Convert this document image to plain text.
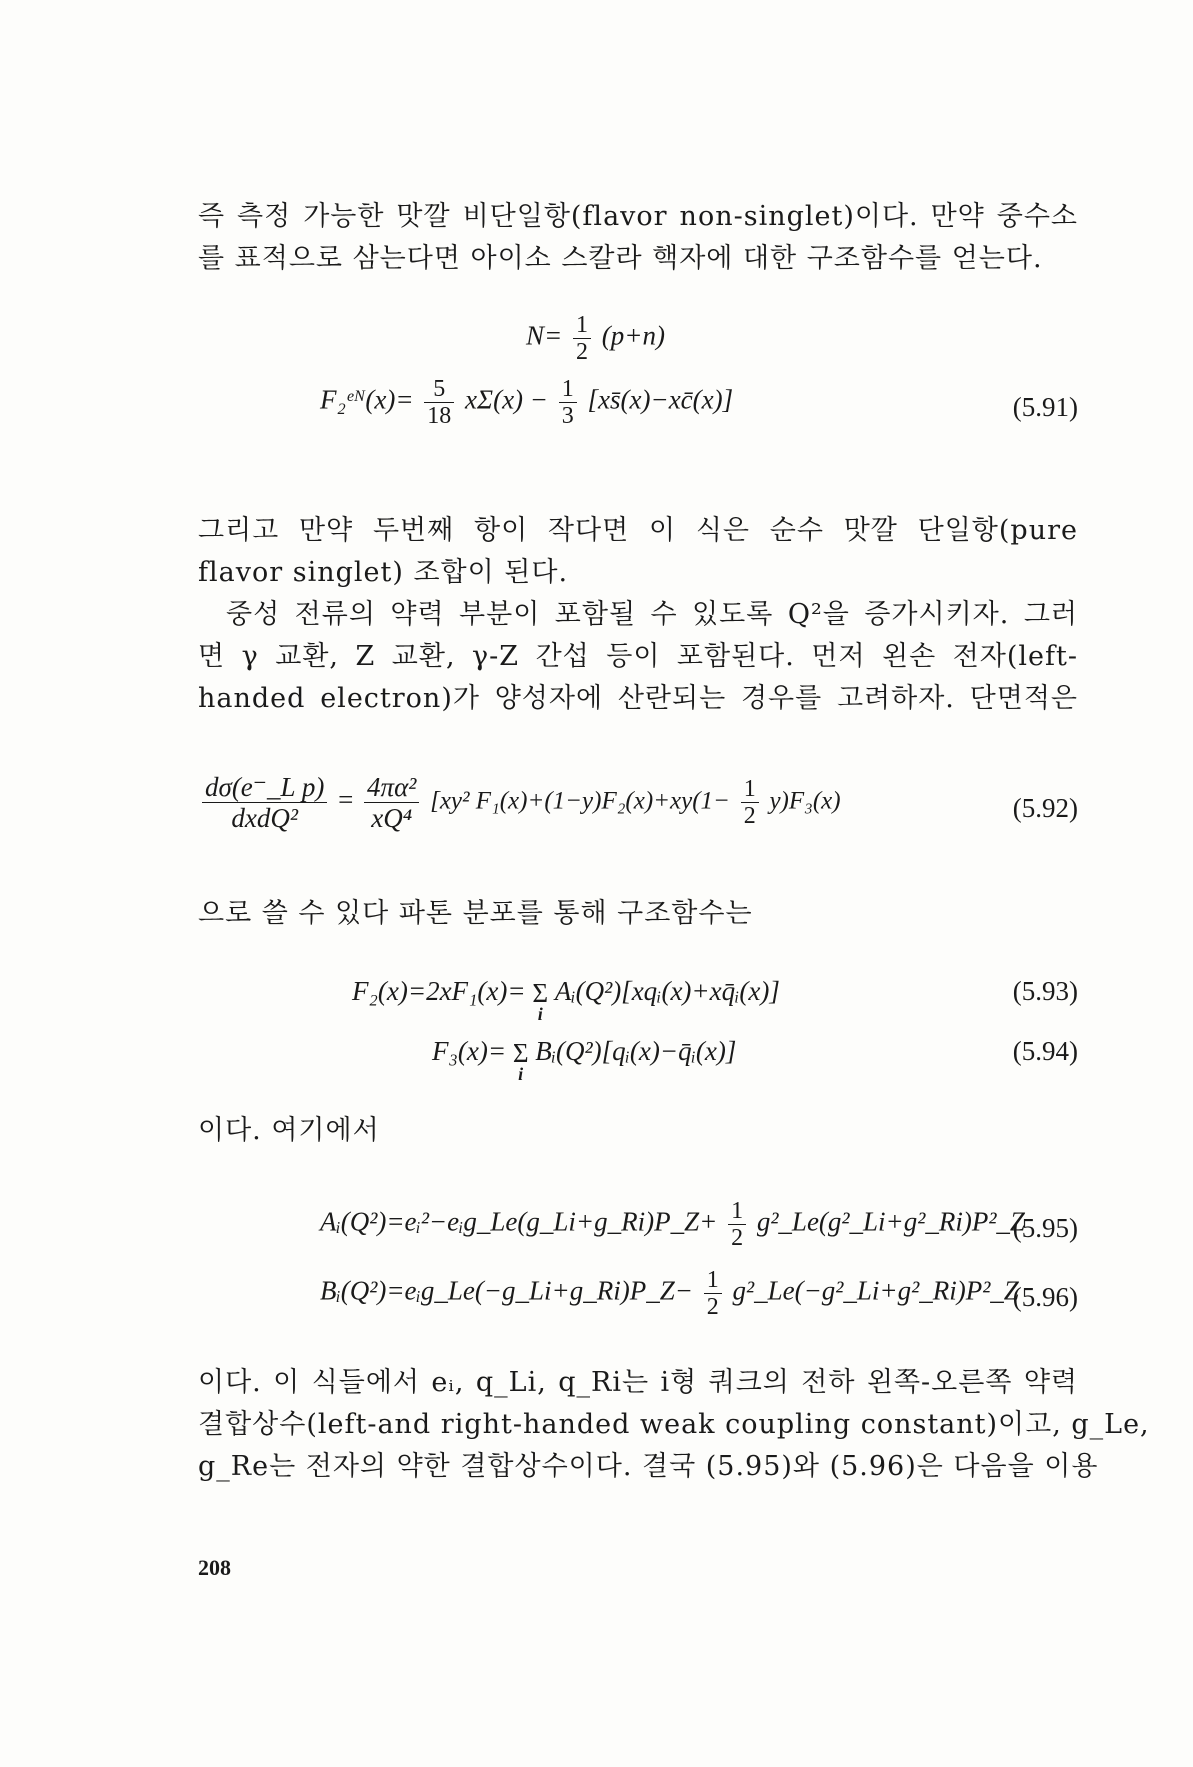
즉 측정 가능한 맛깔 비단일항(flavor non-singlet)이다. 만약 중수소
를 표적으로 삼는다면 아이소 스칼라 핵자에 대한 구조함수를 얻는다.
$N= \frac{1}{2} (p+n)$
F₂ᵉᴺ(x)= $\frac{5}{18} x\Sigma(x) - \frac{1}{3}$ [xs̄(x)−xc̄(x)]	(5.91)
그리고 만약 두번째 항이 작다면 이 식은 순수 맛깔 단일항(pure
flavor singlet) 조합이 된다.
중성 전류의 약력 부분이 포함될 수 있도록 Q²을 증가시키자. 그러
면 γ 교환, Z 교환, γ-Z 간섭 등이 포함된다. 먼저 왼손 전자(left-
handed electron)가 양성자에 산란되는 경우를 고려하자. 단면적은
$\frac{\text{dσ(e⁻\_L p)}}{\text{dxdQ²}} = \frac{\text{4πα²}}{\text{xQ⁴}} [xy^2$ $F_1(x)+(1-y)F_2(x)+xy(1- \frac{1}{2} y)F_3(x)$	(5.92)
으로 쓸 수 있다 파톤 분포를 통해 구조함수는
F₂(x)=2xF₁(x)= Σ
i
Aᵢ(Q²)[xqᵢ(x)+xq̄ᵢ(x)]	(5.93)
F₃(x)= Σ
i
Bᵢ(Q²)[qᵢ(x)−q̄ᵢ(x)]	(5.94)
이다. 여기에서
Aᵢ(Q²)=eᵢ²−eᵢg_Le(g_Li+g_Ri)P_Z+ $\frac{1}{2}$ g²_Le(g²_Li+g²_Ri)P²_Z
(5.95)
Bᵢ(Q²)=eᵢg_Le(−g_Li+g_Ri)P_Z− $\frac{1}{2}$ g²_Le(−g²_Li+g²_Ri)P²_Z
(5.96)
이다. 이 식들에서 eᵢ, q_Li, q_Ri는 i형 쿼크의 전하 왼쪽-오른쪽 약력
결합상수(left-and right-handed weak coupling constant)이고, g_Le,
g_Re는 전자의 약한 결합상수이다. 결국 (5.95)와 (5.96)은 다음을 이용
208
